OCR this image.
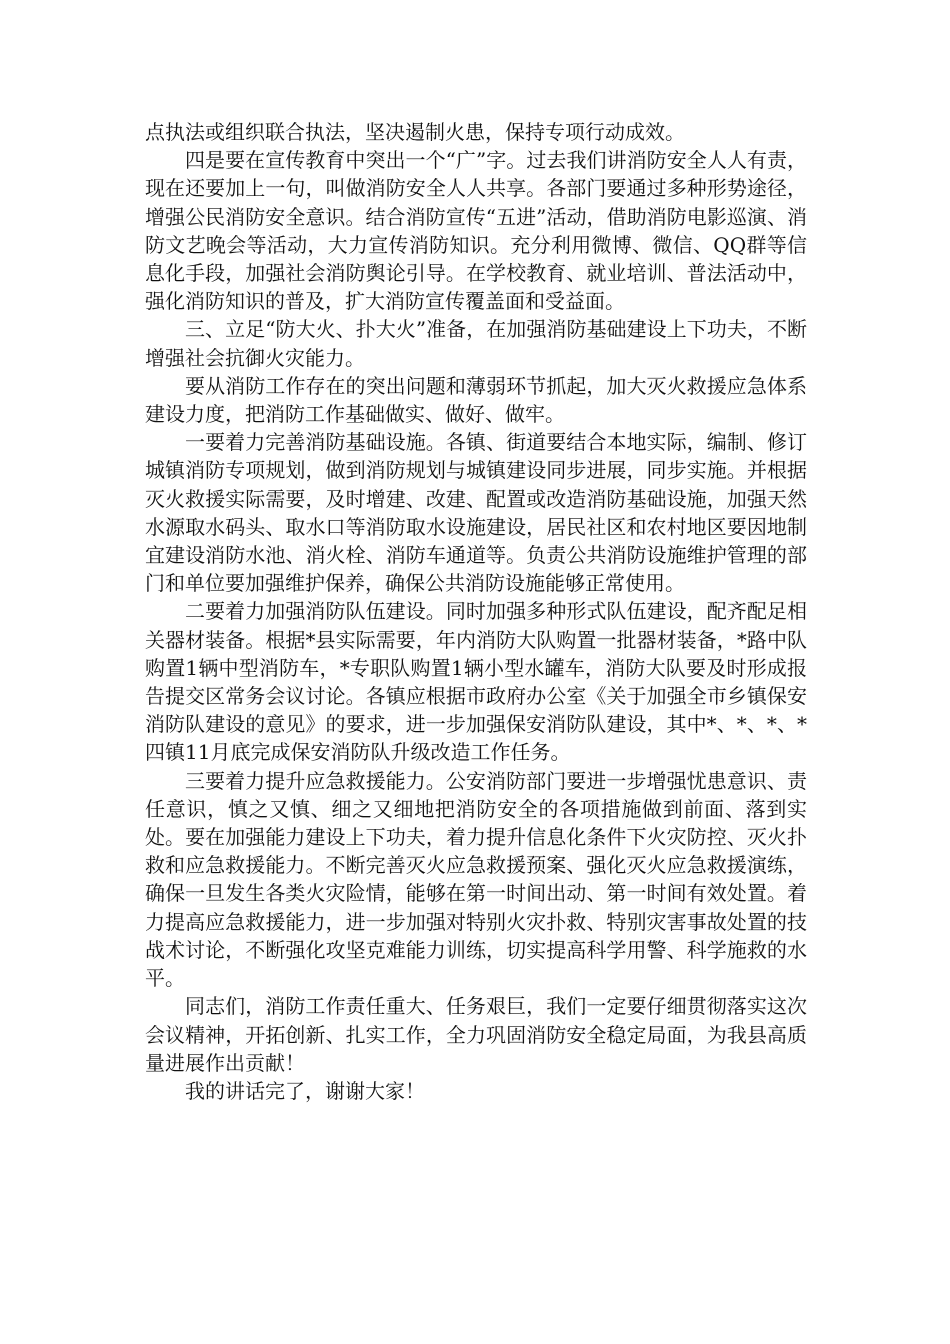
点执法或组织联合执法，坚决遏制火患，保持专项行动成效。

四是要在宣传教育中突出一个“广”字。过去我们讲消防安全人人有责，现在还要加上一句，叫做消防安全人人共享。各部门要通过多种形势途径，增强公民消防安全意识。结合消防宣传“五进”活动，借助消防电影巡演、消防文艺晚会等活动，大力宣传消防知识。充分利用微博、微信、QQ群等信息化手段，加强社会消防舆论引导。在学校教育、就业培训、普法活动中，强化消防知识的普及，扩大消防宣传覆盖面和受益面。

三、立足“防大火、扑大火”准备，在加强消防基础建设上下功夫，不断增强社会抗御火灾能力。

要从消防工作存在的突出问题和薄弱环节抓起，加大灭火救援应急体系建设力度，把消防工作基础做实、做好、做牢。

一要着力完善消防基础设施。各镇、街道要结合本地实际，编制、修订城镇消防专项规划，做到消防规划与城镇建设同步进展，同步实施。并根据灭火救援实际需要，及时增建、改建、配置或改造消防基础设施，加强天然水源取水码头、取水口等消防取水设施建设，居民社区和农村地区要因地制宜建设消防水池、消火栓、消防车通道等。负责公共消防设施维护管理的部门和单位要加强维护保养，确保公共消防设施能够正常使用。

二要着力加强消防队伍建设。同时加强多种形式队伍建设，配齐配足相关器材装备。根据*县实际需要，年内消防大队购置一批器材装备，*路中队购置1辆中型消防车，*专职队购置1辆小型水罐车，消防大队要及时形成报告提交区常务会议讨论。各镇应根据市政府办公室《关于加强全市乡镇保安消防队建设的意见》的要求，进一步加强保安消防队建设，其中*、*、*、*四镇11月底完成保安消防队升级改造工作任务。

三要着力提升应急救援能力。公安消防部门要进一步增强忧患意识、责任意识，慎之又慎、细之又细地把消防安全的各项措施做到前面、落到实处。要在加强能力建设上下功夫，着力提升信息化条件下火灾防控、灭火扑救和应急救援能力。不断完善灭火应急救援预案、强化灭火应急救援演练，确保一旦发生各类火灾险情，能够在第一时间出动、第一时间有效处置。着力提高应急救援能力，进一步加强对特别火灾扑救、特别灾害事故处置的技战术讨论，不断强化攻坚克难能力训练，切实提高科学用警、科学施救的水平。

同志们，消防工作责任重大、任务艰巨，我们一定要仔细贯彻落实这次会议精神，开拓创新、扎实工作，全力巩固消防安全稳定局面，为我县高质量进展作出贡献！

我的讲话完了，谢谢大家！
